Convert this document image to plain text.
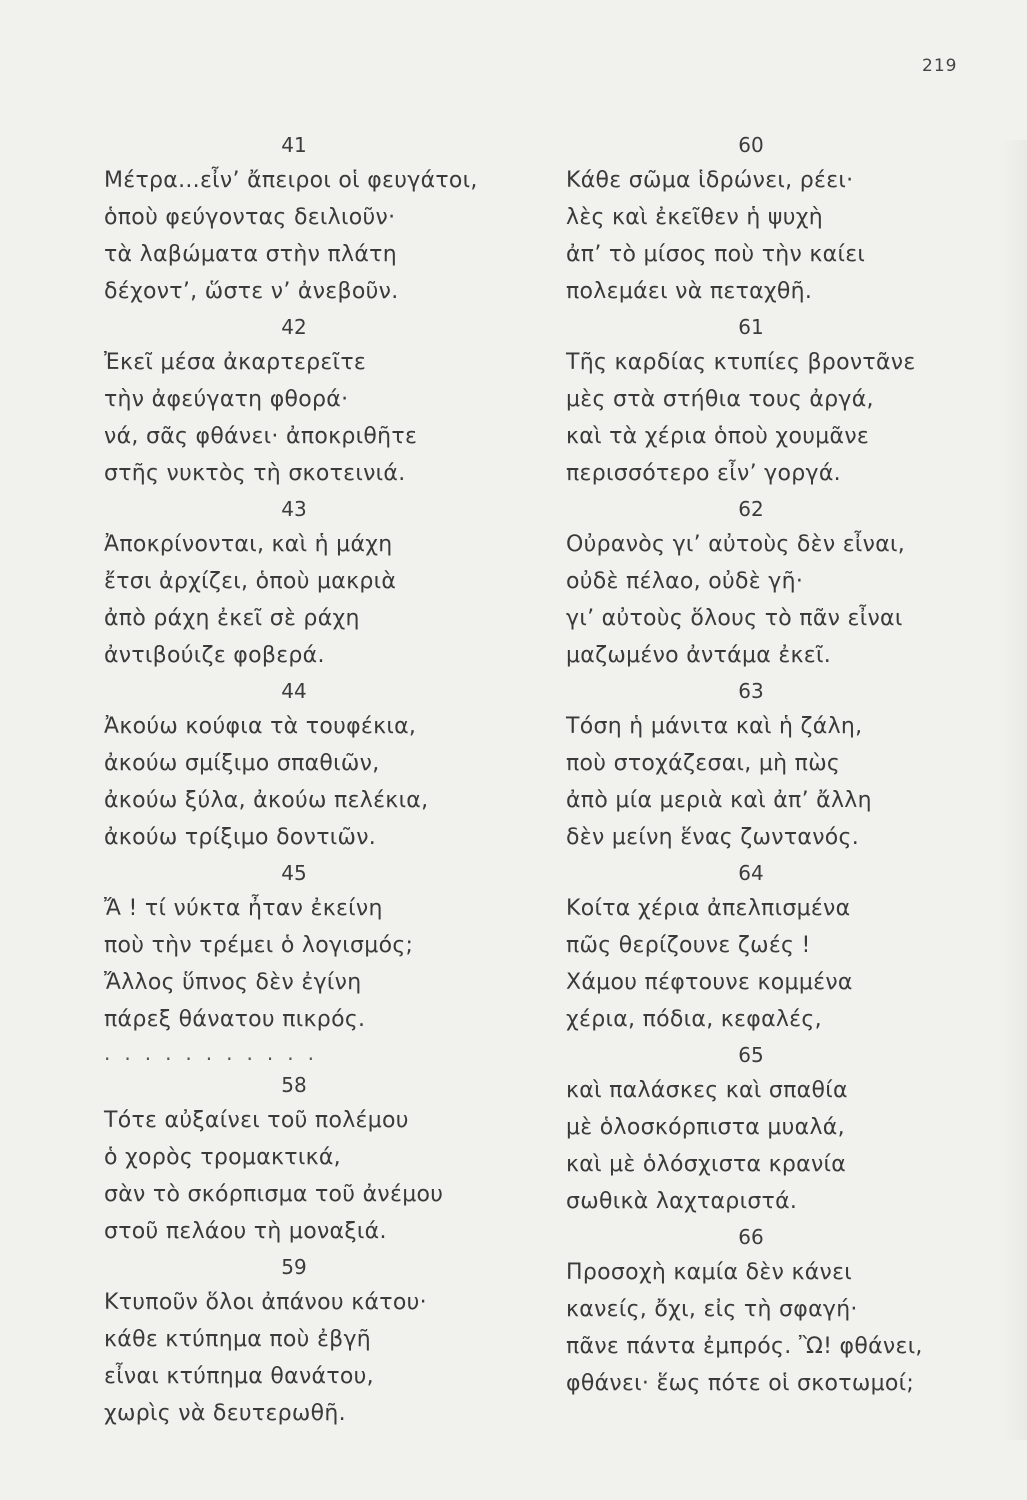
219
41
Μέτρα...εἶν’ ἄπειροι οἱ φευγάτοι,
ὁποὺ φεύγοντας δειλιοῦν·
τὰ λαβώματα στὴν πλάτη
δέχοντ’, ὥστε ν’ ἀνεβοῦν.
42
Ἐκεῖ μέσα ἀκαρτερεῖτε
τὴν ἀφεύγατη φθορά·
νά, σᾶς φθάνει· ἀποκριθῆτε
στῆς νυκτὸς τὴ σκοτεινιά.
43
Ἀποκρίνονται, καὶ ἡ μάχη
ἔτσι ἀρχίζει, ὁποὺ μακριὰ
ἀπὸ ράχη ἐκεῖ σὲ ράχη
ἀντιβούιζε φοβερά.
44
Ἀκούω κούφια τὰ τουφέκια,
ἀκούω σμίξιμο σπαθιῶν,
ἀκούω ξύλα, ἀκούω πελέκια,
ἀκούω τρίξιμο δοντιῶν.
45
Ἄ ! τί νύκτα ἦταν ἐκείνη
ποὺ τὴν τρέμει ὁ λογισμός;
Ἄλλος ὕπνος δὲν ἐγίνη
πάρεξ θάνατου πικρός.
...........
58
Τότε αὐξαίνει τοῦ πολέμου
ὁ χορὸς τρομακτικά,
σὰν τὸ σκόρπισμα τοῦ ἀνέμου
στοῦ πελάου τὴ μοναξιά.
59
Κτυποῦν ὅλοι ἀπάνου κάτου·
κάθε κτύπημα ποὺ ἐβγῆ
εἶναι κτύπημα θανάτου,
χωρὶς νὰ δευτερωθῆ.
60
Κάθε σῶμα ἱδρώνει, ρέει·
λὲς καὶ ἐκεῖθεν ἡ ψυχὴ
ἀπ’ τὸ μίσος ποὺ τὴν καίει
πολεμάει νὰ πεταχθῆ.
61
Τῆς καρδίας κτυπίες βροντᾶνε
μὲς στὰ στήθια τους ἀργά,
καὶ τὰ χέρια ὁποὺ χουμᾶνε
περισσότερο εἶν’ γοργά.
62
Οὐρανὸς γι’ αὐτοὺς δὲν εἶναι,
οὐδὲ πέλαο, οὐδὲ γῆ·
γι’ αὐτοὺς ὅλους τὸ πᾶν εἶναι
μαζωμένο ἀντάμα ἐκεῖ.
63
Τόση ἡ μάνιτα καὶ ἡ ζάλη,
ποὺ στοχάζεσαι, μὴ πὼς
ἀπὸ μία μεριὰ καὶ ἀπ’ ἄλλη
δὲν μείνη ἕνας ζωντανός.
64
Κοίτα χέρια ἀπελπισμένα
πῶς θερίζουνε ζωές !
Χάμου πέφτουνε κομμένα
χέρια, πόδια, κεφαλές,
65
καὶ παλάσκες καὶ σπαθία
μὲ ὁλοσκόρπιστα μυαλά,
καὶ μὲ ὁλόσχιστα κρανία
σωθικὰ λαχταριστά.
66
Προσοχὴ καμία δὲν κάνει
κανείς, ὄχι, εἰς τὴ σφαγή·
πᾶνε πάντα ἐμπρός. Ὢ! φθάνει,
φθάνει· ἕως πότε οἱ σκοτωμοί;
